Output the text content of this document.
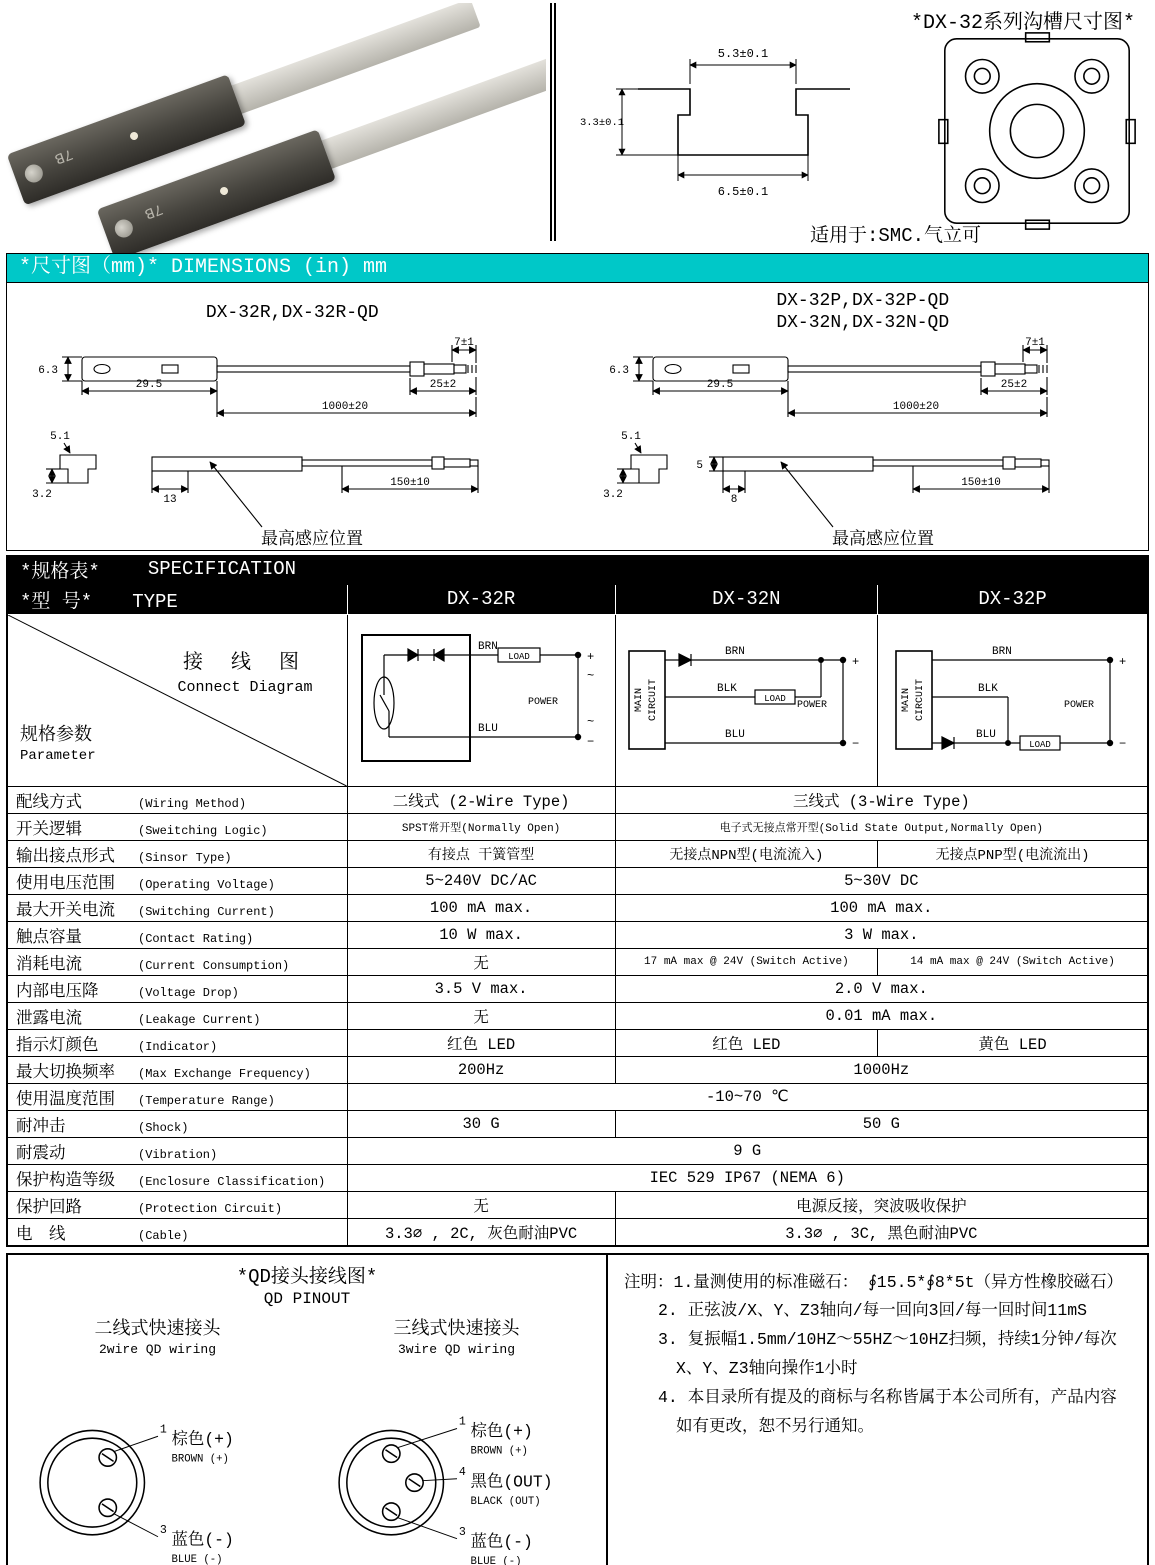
7B
7B
*DX-32系列沟槽尺寸图*
5.3±0.1
3.3±0.1
6.5±0.1
适用于:SMC.气立可
*尺寸图（mm)* DIMENSIONS (in) mm
DX-32R,DX-32R-QD
7±1
6.3
29.5	25±2
1000±20
5.1
3.2	13
150±10
最高感应位置
DX-32P,DX-32P-QD
DX-32N,DX-32N-QD
7±1
6.3
29.5	25±2
1000±20
5.1
5
3.2	8
150±10
最高感应位置
*规格表*	SPECIFICATION
*型 号* TYPE	DX-32R	DX-32N	DX-32P

接 线 图
Connect Diagram
规格参数
Parameter

BRN
LOAD	+
~
POWER
~
−
BLU

MAIN CIRCUIT
BRN
BLK
LOAD
BLU
+
POWER
−

MAIN CIRCUIT
BRN
BLK
BLU
LOAD
+
POWER
−

配线方式 (Wiring Method)	二线式 (2-Wire Type)	三线式 (3-Wire Type)	
开关逻辑 (Sweitching Logic)	SPST常开型(Normally Open)	电子式无接点常开型(Solid State Output,Normally Open)	
输出接点形式 (Sinsor Type)	有接点 干簧管型	无接点NPN型(电流流入)	无接点PNP型(电流流出)
使用电压范围 (Operating Voltage)	5~240V DC/AC	5~30V DC	
最大开关电流 (Switching Current)	100 mA max.	100 mA max.	
触点容量 (Contact Rating)	10 W max.	3 W max.	
消耗电流 (Current Consumption)	无	17 mA max @ 24V (Switch Active)	14 mA max @ 24V (Switch Active)
内部电压降 (Voltage Drop)	3.5 V max.	2.0 V max.	
泄露电流 (Leakage Current)	无	0.01 mA max.	
指示灯颜色 (Indicator)	红色 LED	红色 LED	黄色 LED
最大切换频率 (Max Exchange Frequency)	200Hz	1000Hz	
使用温度范围 (Temperature Range)	-10~70 ℃		
耐冲击 (Shock)	30 G	50 G	
耐震动 (Vibration)	9 G		
保护构造等级 (Enclosure Classification)	IEC 529 IP67 (NEMA 6)		
保护回路 (Protection Circuit)	无	电源反接，突波吸收保护	
电　线 (Cable)	3.3∅ , 2C, 灰色耐油PVC	3.3∅ , 3C, 黑色耐油PVC	
*QD接头接线图*
QD PINOUT
二线式快速接头
2wire QD wiring
1
棕色(+)
BROWN (+)
3
蓝色(-)
BLUE (-)
三线式快速接头
3wire QD wiring
1
棕色(+)
BROWN (+)
4
黑色(OUT)
BLACK (OUT)
3
蓝色(-)
BLUE (-)
注明：1.量测使用的标准磁石： ∮15.5*∮8*5t（异方性橡胶磁石）
2. 正弦波/X、Y、Z3轴向/每一回向3回/每一回时间11mS
3. 复振幅1.5mm/10HZ～55HZ～10HZ扫频，持续1分钟/每次X、Y、Z3轴向操作1小时
4. 本目录所有提及的商标与名称皆属于本公司所有，产品内容如有更改，恕不另行通知。
